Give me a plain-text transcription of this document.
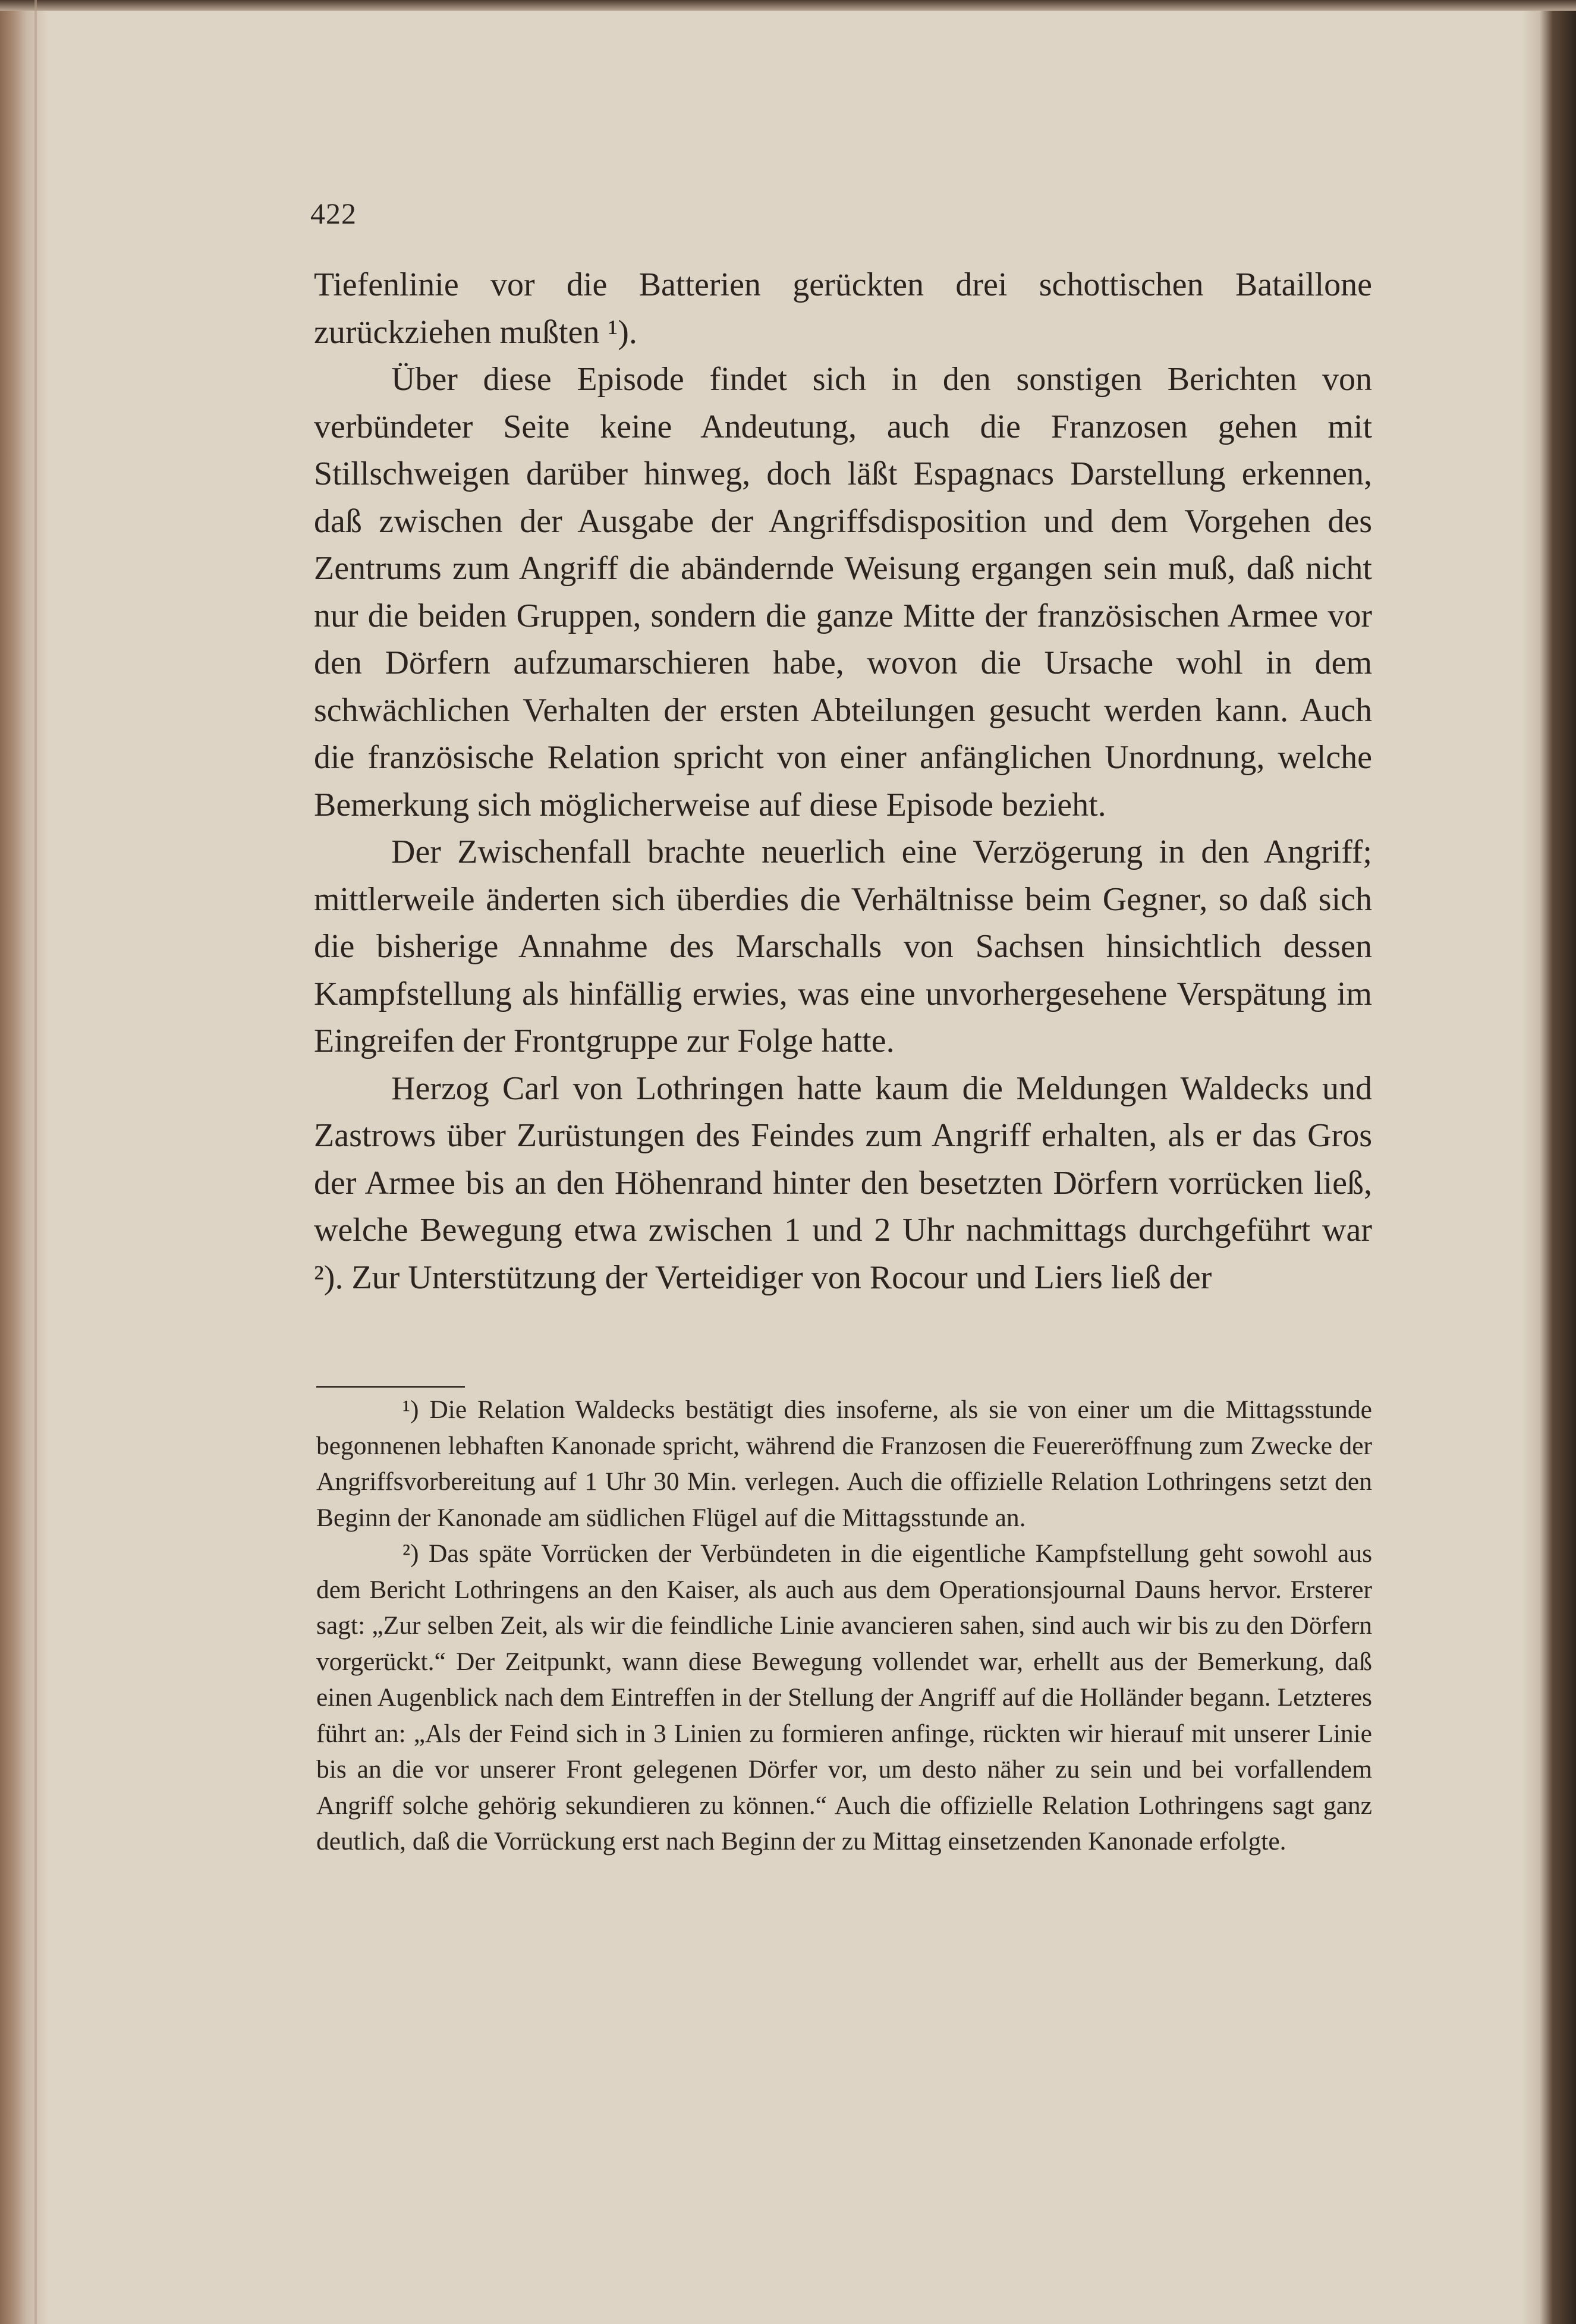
422

Tiefenlinie vor die Batterien gerückten drei schottischen Bataillone zurückziehen mußten ¹).

Über diese Episode findet sich in den sonstigen Berichten von verbündeter Seite keine Andeutung, auch die Franzosen gehen mit Stillschweigen darüber hinweg, doch läßt Espagnacs Darstellung erkennen, daß zwischen der Ausgabe der Angriffsdisposition und dem Vorgehen des Zentrums zum Angriff die abändernde Weisung ergangen sein muß, daß nicht nur die beiden Gruppen, sondern die ganze Mitte der französischen Armee vor den Dörfern aufzumarschieren habe, wovon die Ursache wohl in dem schwächlichen Verhalten der ersten Abteilungen gesucht werden kann. Auch die französische Relation spricht von einer anfänglichen Unordnung, welche Bemerkung sich möglicherweise auf diese Episode bezieht.

Der Zwischenfall brachte neuerlich eine Verzögerung in den Angriff; mittlerweile änderten sich überdies die Verhältnisse beim Gegner, so daß sich die bisherige Annahme des Marschalls von Sachsen hinsichtlich dessen Kampfstellung als hinfällig erwies, was eine unvorhergesehene Verspätung im Eingreifen der Frontgruppe zur Folge hatte.

Herzog Carl von Lothringen hatte kaum die Meldungen Waldecks und Zastrows über Zurüstungen des Feindes zum Angriff erhalten, als er das Gros der Armee bis an den Höhenrand hinter den besetzten Dörfern vorrücken ließ, welche Bewegung etwa zwischen 1 und 2 Uhr nachmittags durchgeführt war ²). Zur Unterstützung der Verteidiger von Rocour und Liers ließ der

¹) Die Relation Waldecks bestätigt dies insoferne, als sie von einer um die Mittagsstunde begonnenen lebhaften Kanonade spricht, während die Franzosen die Feuereröffnung zum Zwecke der Angriffsvorbereitung auf 1 Uhr 30 Min. verlegen. Auch die offizielle Relation Lothringens setzt den Beginn der Kanonade am südlichen Flügel auf die Mittagsstunde an.

²) Das späte Vorrücken der Verbündeten in die eigentliche Kampfstellung geht sowohl aus dem Bericht Lothringens an den Kaiser, als auch aus dem Operationsjournal Dauns hervor. Ersterer sagt: „Zur selben Zeit, als wir die feindliche Linie avancieren sahen, sind auch wir bis zu den Dörfern vorgerückt.“ Der Zeitpunkt, wann diese Bewegung vollendet war, erhellt aus der Bemerkung, daß einen Augenblick nach dem Eintreffen in der Stellung der Angriff auf die Holländer begann. Letzteres führt an: „Als der Feind sich in 3 Linien zu formieren anfinge, rückten wir hierauf mit unserer Linie bis an die vor unserer Front gelegenen Dörfer vor, um desto näher zu sein und bei vorfallendem Angriff solche gehörig sekundieren zu können.“ Auch die offizielle Relation Lothringens sagt ganz deutlich, daß die Vorrückung erst nach Beginn der zu Mittag einsetzenden Kanonade erfolgte.
